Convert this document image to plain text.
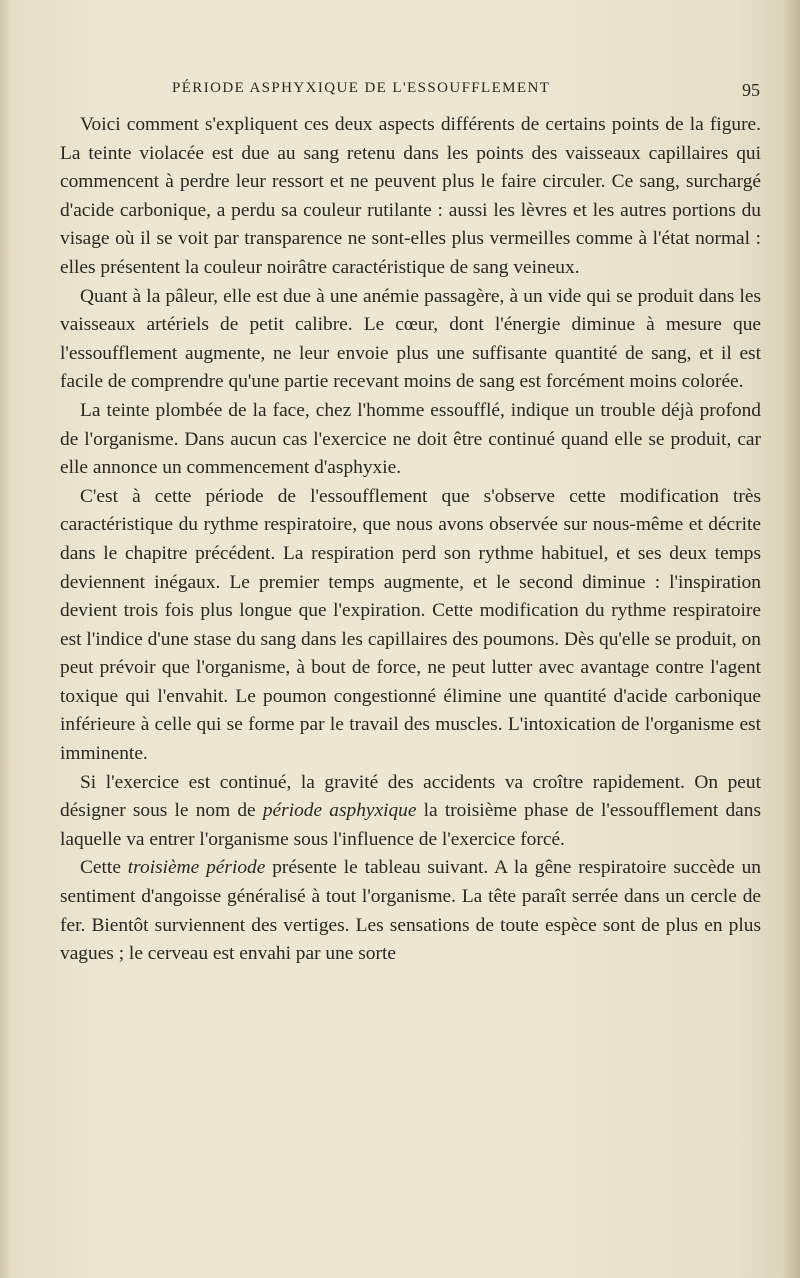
PÉRIODE ASPHYXIQUE DE L'ESSOUFFLEMENT	95

Voici comment s'expliquent ces deux aspects différents de certains points de la figure. La teinte violacée est due au sang retenu dans les points des vaisseaux capillaires qui commencent à perdre leur ressort et ne peuvent plus le faire circuler. Ce sang, surchargé d'acide carbonique, a perdu sa couleur rutilante : aussi les lèvres et les autres portions du visage où il se voit par transparence ne sont-elles plus vermeilles comme à l'état normal : elles présentent la couleur noirâtre caractéristique de sang veineux.

Quant à la pâleur, elle est due à une anémie passagère, à un vide qui se produit dans les vaisseaux artériels de petit calibre. Le cœur, dont l'énergie diminue à mesure que l'essoufflement augmente, ne leur envoie plus une suffisante quantité de sang, et il est facile de comprendre qu'une partie recevant moins de sang est forcément moins colorée.

La teinte plombée de la face, chez l'homme essoufflé, indique un trouble déjà profond de l'organisme. Dans aucun cas l'exercice ne doit être continué quand elle se produit, car elle annonce un commencement d'asphyxie.

C'est à cette période de l'essoufflement que s'observe cette modification très caractéristique du rythme respiratoire, que nous avons observée sur nous-même et décrite dans le chapitre précédent. La respiration perd son rythme habituel, et ses deux temps deviennent inégaux. Le premier temps augmente, et le second diminue : l'inspiration devient trois fois plus longue que l'expiration. Cette modification du rythme respiratoire est l'indice d'une stase du sang dans les capillaires des poumons. Dès qu'elle se produit, on peut prévoir que l'organisme, à bout de force, ne peut lutter avec avantage contre l'agent toxique qui l'envahit. Le poumon congestionné élimine une quantité d'acide carbonique inférieure à celle qui se forme par le travail des muscles. L'intoxication de l'organisme est imminente.

Si l'exercice est continué, la gravité des accidents va croître rapidement. On peut désigner sous le nom de période asphyxique la troisième phase de l'essoufflement dans laquelle va entrer l'organisme sous l'influence de l'exercice forcé.

Cette troisième période présente le tableau suivant. A la gêne respiratoire succède un sentiment d'angoisse généralisé à tout l'organisme. La tête paraît serrée dans un cercle de fer. Bientôt surviennent des vertiges. Les sensations de toute espèce sont de plus en plus vagues ; le cerveau est envahi par une sorte
